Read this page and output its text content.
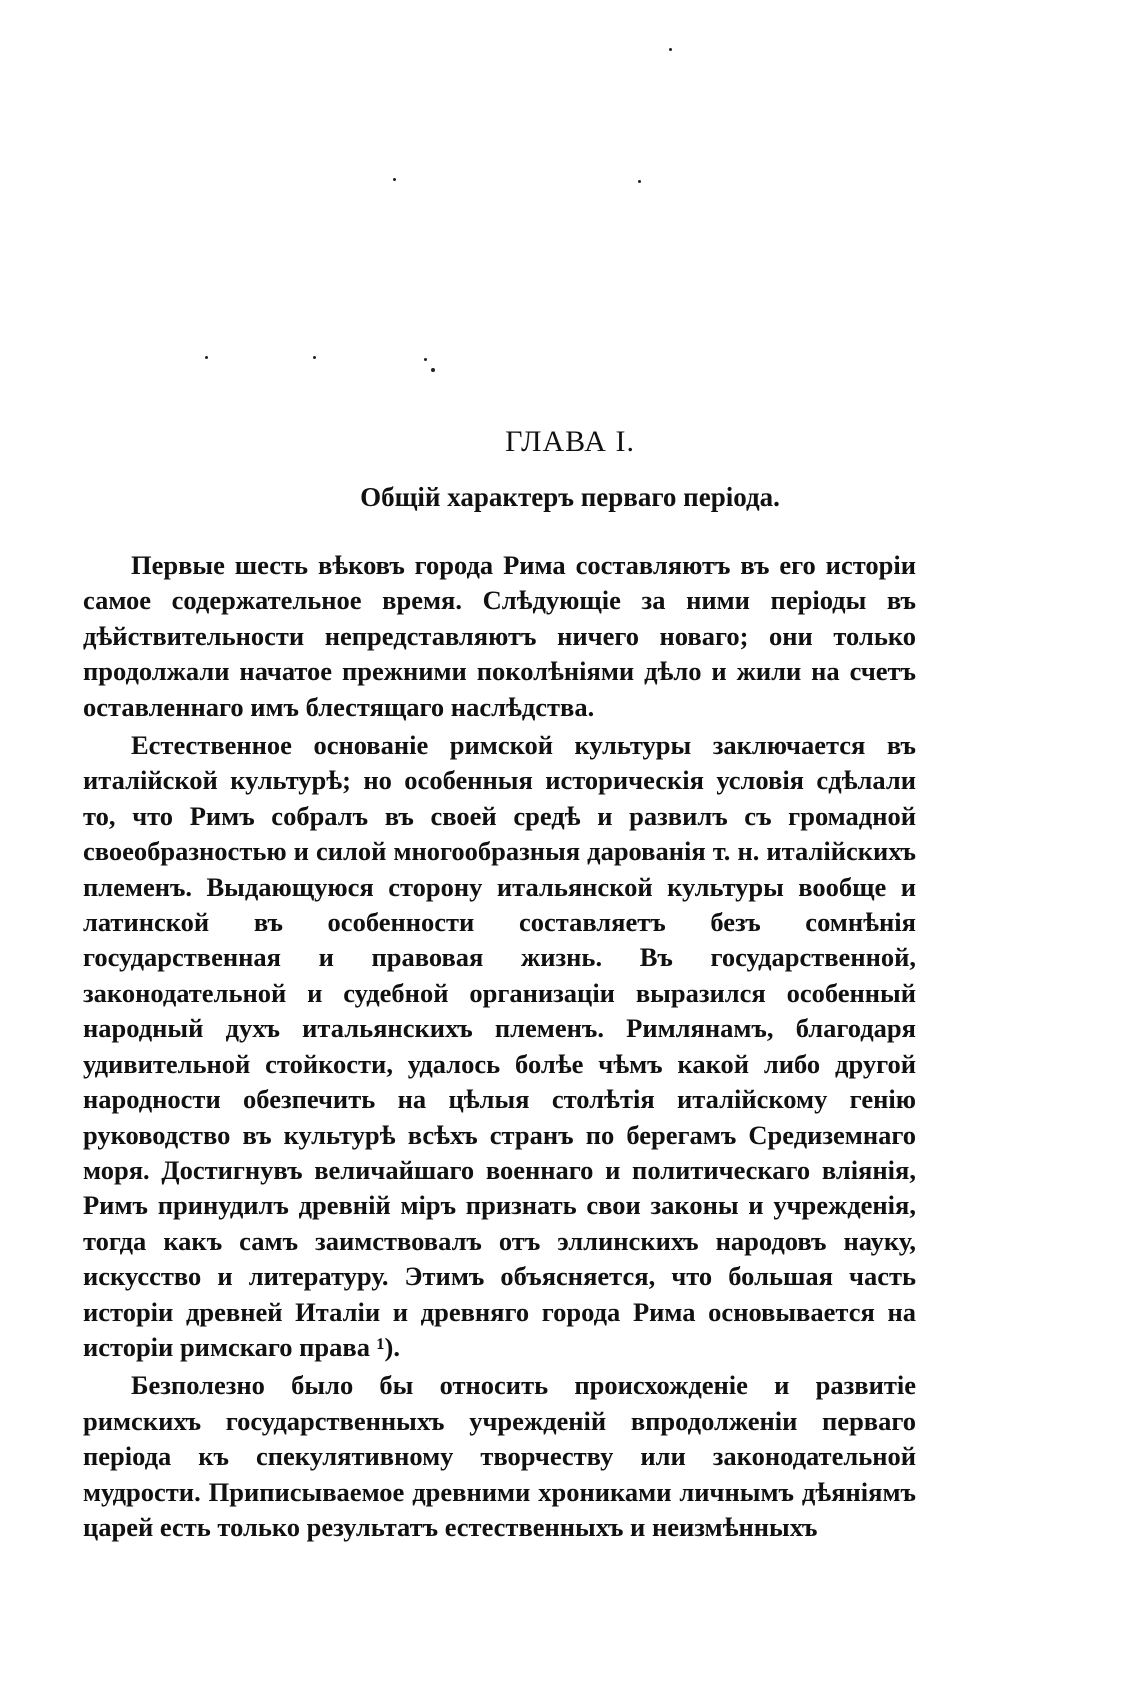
ГЛАВА I.
Общій характеръ перваго періода.

Первые шесть вѣковъ города Рима составляютъ въ его исторіи самое содержательное время. Слѣдующіе за ними періоды въ дѣйствительности непредставляютъ ничего новаго; они только продолжали начатое прежними поколѣніями дѣло и жили на счетъ оставленнаго имъ блестящаго наслѣдства.

Естественное основаніе римской культуры заключается въ италійской культурѣ; но особенныя историческія условія сдѣлали то, что Римъ собралъ въ своей средѣ и развилъ съ громадной своеобразностью и силой многообразныя дарованія т. н. италійскихъ племенъ. Выдающуюся сторону итальянской культуры вообще и латинской въ особенности составляетъ безъ сомнѣнія государственная и правовая жизнь. Въ государственной, законодательной и судебной организаціи выразился особенный народный духъ итальянскихъ племенъ. Римлянамъ, благодаря удивительной стойкости, удалось болѣе чѣмъ какой либо другой народности обезпечить на цѣлыя столѣтія италійскому генію руководство въ культурѣ всѣхъ странъ по берегамъ Средиземнаго моря. Достигнувъ величайшаго военнаго и политическаго вліянія, Римъ принудилъ древній міръ признать свои законы и учрежденія, тогда какъ самъ заимствовалъ отъ эллинскихъ народовъ науку, искусство и литературу. Этимъ объясняется, что большая часть исторіи древней Италіи и древняго города Рима основывается на исторіи римскаго права ¹).

Безполезно было бы относить происхожденіе и развитіе римскихъ государственныхъ учрежденій впродолженіи перваго періода къ спекулятивному творчеству или законодательной мудрости. Приписываемое древними хрониками личнымъ дѣяніямъ царей есть только результатъ естественныхъ и неизмѣнныхъ
